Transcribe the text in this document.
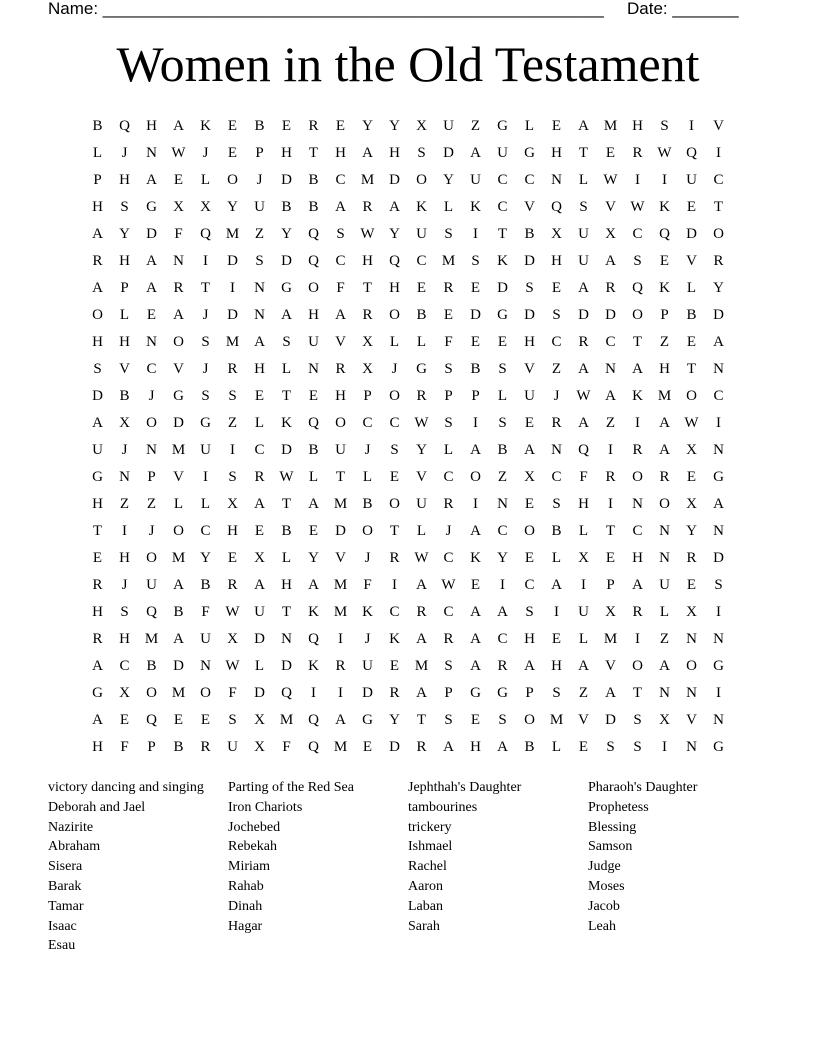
Name: _____________________________________________________ Date: _______
Women in the Old Testament
B	Q	H	A	K	E	B	E	R	E	Y	Y	X	U	Z	G	L	E	A M H	S	I	V
L	J	N W	J	E	P	H	T	H	A	H	S	D	A	U	G	H	T	E	R W Q	I
P	H	A	E	L	O	J	D	B	C	M D	O	Y	U	C	C	N	L	W	I	I	U	C
H	S	G	X	X	Y	U	B	B	A	R	A	K	L	K	C	V	Q	S	V W K	E	T
A	Y	D	F	Q M	Z	Y	Q	S	W Y	U	S	I	T	B	X	U	X	C	Q	D	O
R	H	A	N	I	D	S	D	Q	C	H	Q	C	M	S	K	D	H	U	A	S	E	V	R
A	P	A	R	T	I	N	G	O	F	T	H	E	R	E	D	S	E	A	R	Q	K	L	Y
O	L	E	A	J	D	N	A	H	A	R	O	B	E	D	G	D	S	D	D	O	P	B	D
H	H	N	O	S	M A	S	U	V	X	L	L	F	E	E	H	C	R	C	T	Z	E	A
S	V	C	V	J	R	H	L	N	R	X	J	G	S	B	S	V	Z	A	N	A	H	T	N
D	B	J	G	S	S	E	T	E	H	P	O	R	P	P	L	U	J	W A	K M O	C
A	X	O	D	G	Z	L	K	Q	O	C	C W	S	I	S	E	R	A	Z	I	A W	I
U	J	N M U	I	C	D	B	U	J	S	Y	L	A	B	A	N	Q	I	R	A	X	N
G	N	P	V	I	S	R W	L	T	L	E	V	C	O	Z	X	C	F	R	O	R	E	G
H	Z	Z	L	L	X	A	T	A M	B	O	U	R	I	N	E	S	H	I	N	O	X	A
T	I	J	O	C	H	E	B	E	D	O	T	L	J	A	C	O	B	L	T	C	N	Y	N
E	H	O M Y	E	X	L	Y	V	J	R W C	K	Y	E	L	X	E	H	N	R	D
R	J	U	A	B	R	A	H	A M	F	I	A W	E	I	C	A	I	P	A	U	E	S
H	S	Q	B	F	W U	T	K M K	C	R	C	A	A	S	I	U	X	R	L	X	I
R	H M A	U	X	D	N	Q	I	J	K	A	R	A	C	H	E	L	M	I	Z	N	N
A	C	B	D	N W	L	D	K	R	U	E	M	S	A	R	A	H	A	V	O	A	O	G
G	X	O M O	F	D	Q	I	I	D	R	A	P	G	G	P	S	Z	A	T	N	N	I
A	E	Q	E	E	S	X M Q	A	G	Y	T	S	E	S	O M V	D	S	X	V	N
H	F	P	B	R	U	X	F	Q M	E	D	R	A	H	A	B	L	E	S	S	I	N	G
victory dancing and singing
Deborah and Jael
Nazirite
Abraham
Sisera
Barak
Tamar
Isaac
Esau
Parting of the Red Sea
Iron Chariots
Jochebed
Rebekah
Miriam
Rahab
Dinah
Hagar
Jephthah's Daughter
tambourines
trickery
Ishmael
Rachel
Aaron
Laban
Sarah
Pharaoh's Daughter
Prophetess
Blessing
Samson
Judge
Moses
Jacob
Leah
